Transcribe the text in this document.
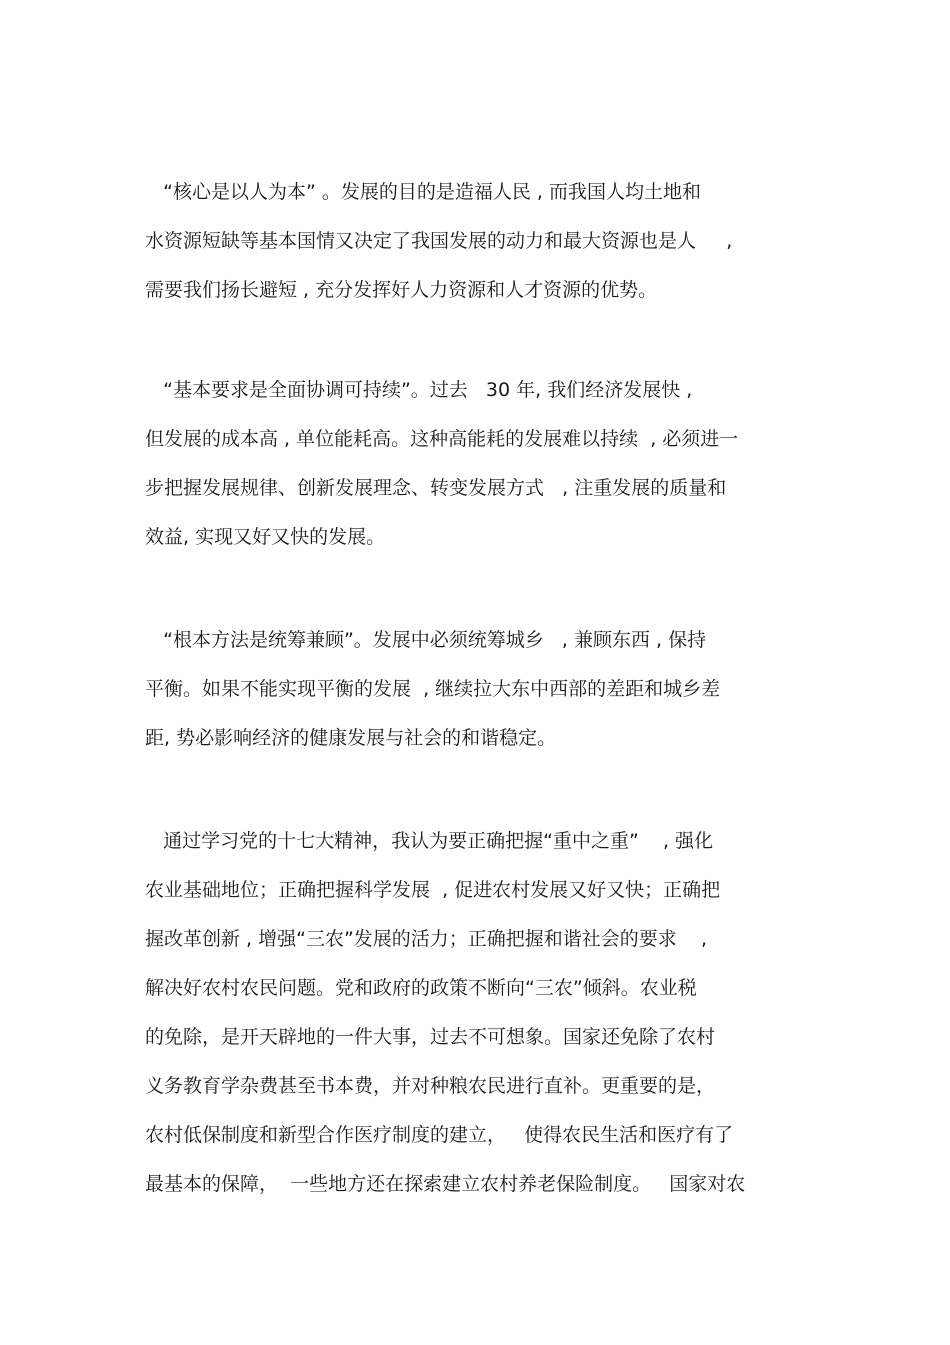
“核心是以人为本” 。发展的目的是造福人民 , 而我国人均土地和
水资源短缺等基本国情又决定了我国发展的动力和最大资源也是人     ,
需要我们扬长避短 , 充分发挥好人力资源和人才资源的优势。
“基本要求是全面协调可持续”。过去   30 年, 我们经济发展快 ,
但发展的成本高 , 单位能耗高。这种高能耗的发展难以持续  , 必须进一
步把握发展规律、创新发展理念、转变发展方式   , 注重发展的质量和
效益, 实现又好又快的发展。
“根本方法是统筹兼顾”。发展中必须统筹城乡   , 兼顾东西 , 保持
平衡。如果不能实现平衡的发展  , 继续拉大东中西部的差距和城乡差
距, 势必影响经济的健康发展与社会的和谐稳定。
通过学习党的十七大精神，我认为要正确把握“重中之重”    , 强化
农业基础地位；正确把握科学发展  , 促进农村发展又好又快；正确把
握改革创新 , 增强“三农”发展的活力；正确把握和谐社会的要求    ,
解决好农村农民问题。党和政府的政策不断向“三农”倾斜。农业税
的免除，是开天辟地的一件大事，过去不可想象。国家还免除了农村
义务教育学杂费甚至书本费，并对种粮农民进行直补。更重要的是，
农村低保制度和新型合作医疗制度的建立，   使得农民生活和医疗有了
最基本的保障，  一些地方还在探索建立农村养老保险制度。   国家对农
